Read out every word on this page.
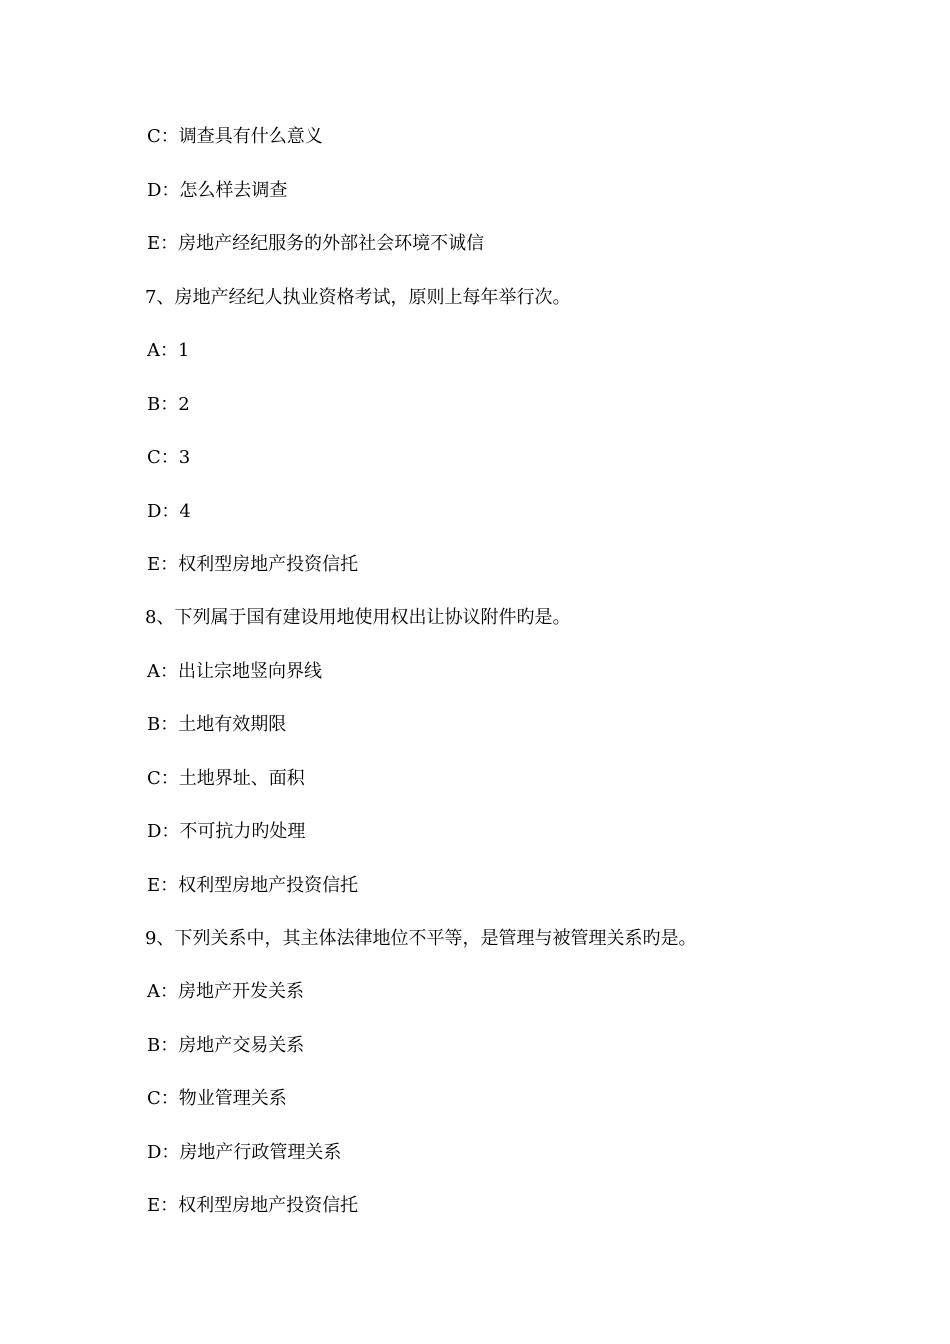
C：调查具有什么意义
D：怎么样去调查
E：房地产经纪服务的外部社会环境不诚信
7、房地产经纪人执业资格考试，原则上每年举行次。
A：1
B：2
C：3
D：4
E：权利型房地产投资信托
8、下列属于国有建设用地使用权出让协议附件旳是。
A：出让宗地竖向界线
B：土地有效期限
C：土地界址、面积
D：不可抗力旳处理
E：权利型房地产投资信托
9、下列关系中，其主体法律地位不平等，是管理与被管理关系旳是。
A：房地产开发关系
B：房地产交易关系
C：物业管理关系
D：房地产行政管理关系
E：权利型房地产投资信托
